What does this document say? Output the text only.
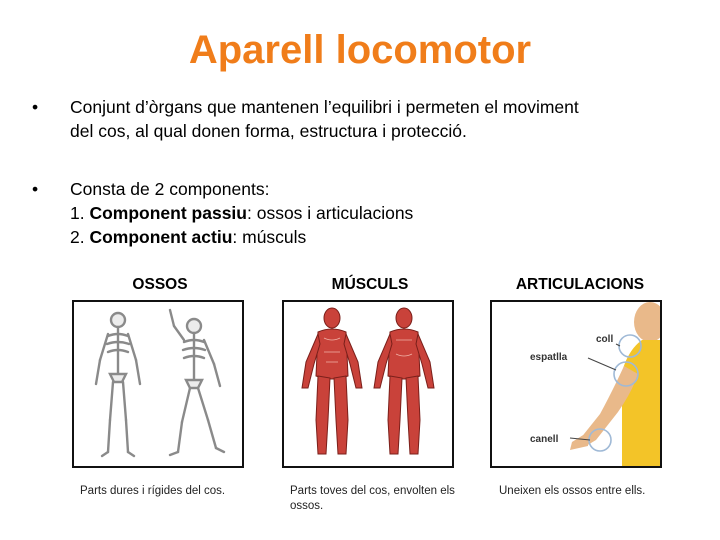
Aparell locomotor
• Conjunt d’òrgans que mantenen l’equilibri i permeten el moviment
del cos, al qual donen forma, estructura i protecció.
• Consta de 2 components:
1. Component passiu: ossos i articulacions
2. Component actiu: músculs
OSSOS	MÚSCULS	ARTICULACIONS
coll
espatlla
canell
Parts dures i rígides del cos.	Parts toves del cos, envolten els ossos.
Uneixen els ossos entre ells.
